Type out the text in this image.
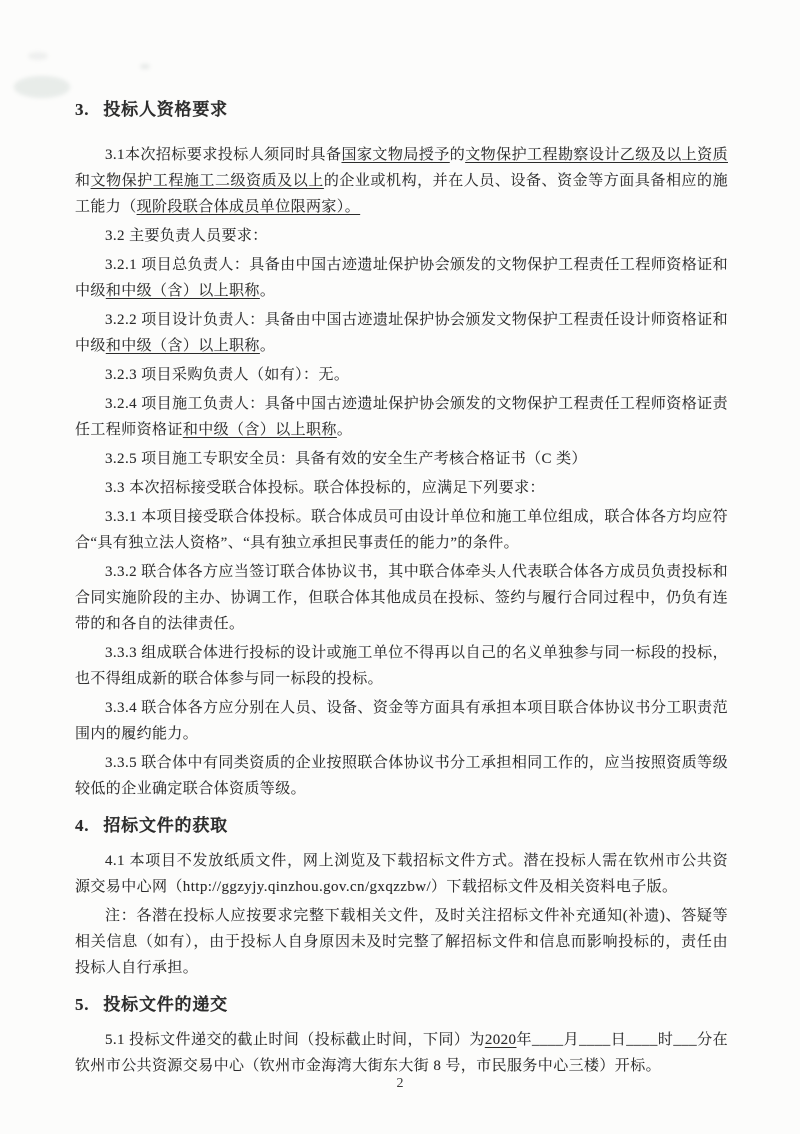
3. 投标人资格要求

3.1本次招标要求投标人须同时具备国家文物局授予的文物保护工程勘察设计乙级及以上资质和文物保护工程施工二级资质及以上的企业或机构，并在人员、设备、资金等方面具备相应的施工能力（现阶段联合体成员单位限两家）。

3.2 主要负责人员要求：

3.2.1 项目总负责人：具备由中国古迹遗址保护协会颁发的文物保护工程责任工程师资格证和中级和中级（含）以上职称。

3.2.2 项目设计负责人：具备由中国古迹遗址保护协会颁发文物保护工程责任设计师资格证和中级和中级（含）以上职称。

3.2.3 项目采购负责人（如有）：无。

3.2.4 项目施工负责人：具备中国古迹遗址保护协会颁发的文物保护工程责任工程师资格证责任工程师资格证和中级（含）以上职称。

3.2.5 项目施工专职安全员：具备有效的安全生产考核合格证书（C 类）

3.3 本次招标接受联合体投标。联合体投标的，应满足下列要求：

3.3.1 本项目接受联合体投标。联合体成员可由设计单位和施工单位组成，联合体各方均应符合“具有独立法人资格”、“具有独立承担民事责任的能力”的条件。

3.3.2 联合体各方应当签订联合体协议书，其中联合体牵头人代表联合体各方成员负责投标和合同实施阶段的主办、协调工作，但联合体其他成员在投标、签约与履行合同过程中，仍负有连带的和各自的法律责任。

3.3.3 组成联合体进行投标的设计或施工单位不得再以自己的名义单独参与同一标段的投标，也不得组成新的联合体参与同一标段的投标。

3.3.4 联合体各方应分别在人员、设备、资金等方面具有承担本项目联合体协议书分工职责范围内的履约能力。

3.3.5 联合体中有同类资质的企业按照联合体协议书分工承担相同工作的，应当按照资质等级较低的企业确定联合体资质等级。

4. 招标文件的获取

4.1 本项目不发放纸质文件，网上浏览及下载招标文件方式。潜在投标人需在钦州市公共资源交易中心网（http://ggzyjy.qinzhou.gov.cn/gxqzzbw/）下载招标文件及相关资料电子版。

注：各潜在投标人应按要求完整下载相关文件，及时关注招标文件补充通知(补遗)、答疑等相关信息（如有），由于投标人自身原因未及时完整了解招标文件和信息而影响投标的，责任由投标人自行承担。

5. 投标文件的递交

5.1 投标文件递交的截止时间（投标截止时间，下同）为2020年____月____日____时___分在钦州市公共资源交易中心（钦州市金海湾大街东大街 8 号，市民服务中心三楼）开标。

2
